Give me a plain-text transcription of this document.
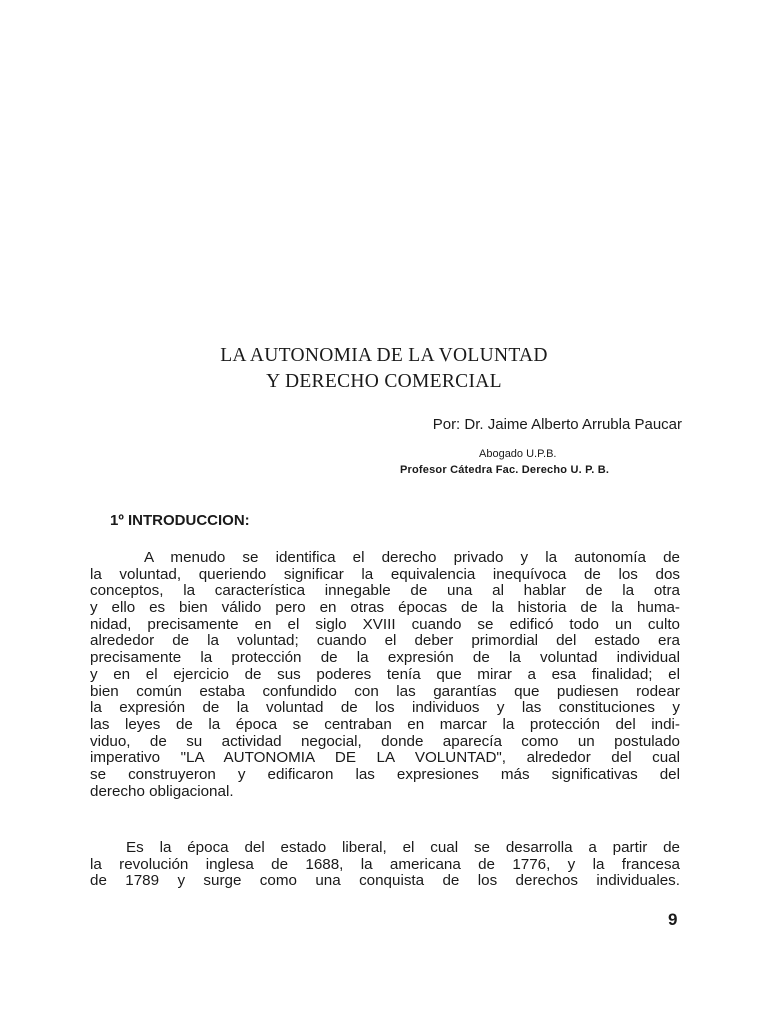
LA AUTONOMIA DE LA VOLUNTAD
Y DERECHO COMERCIAL
Por: Dr. Jaime Alberto Arrubla Paucar
Abogado U.P.B.
Profesor Cátedra Fac. Derecho U. P. B.
1º INTRODUCCION:
A menudo se identifica el derecho privado y la autonomía de
la voluntad, queriendo significar la equivalencia inequívoca de los dos
conceptos, la característica innegable de una al hablar de la otra
y ello es bien válido pero en otras épocas de la historia de la huma-
nidad, precisamente en el siglo XVIII cuando se edificó todo un culto
alrededor de la voluntad; cuando el deber primordial del estado era
precisamente la protección de la expresión de la voluntad individual
y en el ejercicio de sus poderes tenía que mirar a esa finalidad; el
bien común estaba confundido con las garantías que pudiesen rodear
la expresión de la voluntad de los individuos y las constituciones y
las leyes de la época se centraban en marcar la protección del indi-
viduo, de su actividad negocial, donde aparecía como un postulado
imperativo "LA AUTONOMIA DE LA VOLUNTAD", alrededor del cual
se construyeron y edificaron las expresiones más significativas del
derecho obligacional.
Es la época del estado liberal, el cual se desarrolla a partir de
la revolución inglesa de 1688, la americana de 1776, y la francesa
de 1789 y surge como una conquista de los derechos individuales.
9
